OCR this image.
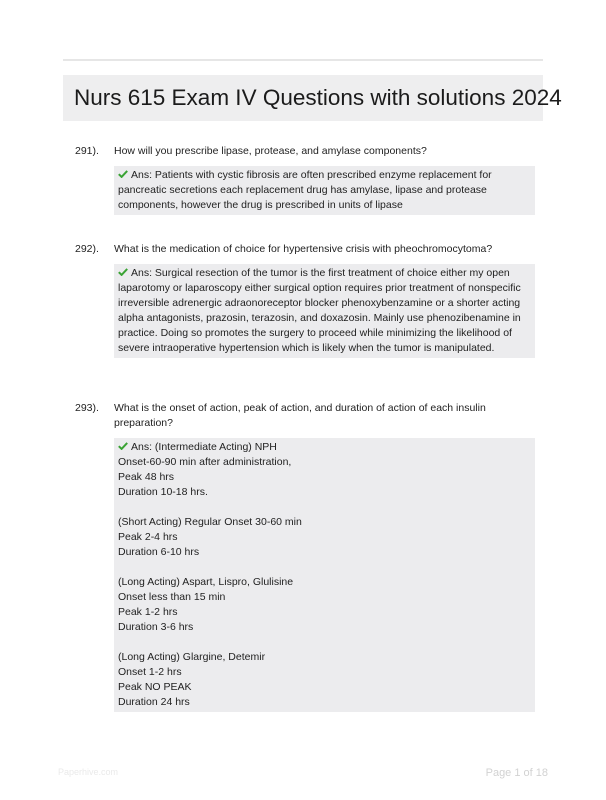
Nurs 615 Exam IV Questions with solutions 2024
291). How will you prescribe lipase, protease, and amylase components?

Ans: Patients with cystic fibrosis are often prescribed enzyme replacement for pancreatic secretions each replacement drug has amylase, lipase and protease components, however the drug is prescribed in units of lipase

292). What is the medication of choice for hypertensive crisis with pheochromocytoma?

Ans: Surgical resection of the tumor is the first treatment of choice either my open laparotomy or laparoscopy either surgical option requires prior treatment of nonspecific irreversible adrenergic adraonoreceptor blocker phenoxybenzamine or a shorter acting alpha antagonists, prazosin, terazosin, and doxazosin. Mainly use phenozibenamine in practice. Doing so promotes the surgery to proceed while minimizing the likelihood of severe intraoperative hypertension which is likely when the tumor is manipulated.

293). What is the onset of action, peak of action, and duration of action of each insulin preparation?

Ans: (Intermediate Acting) NPH

Onset-60-90 min after administration,

Peak 48 hrs

Duration 10-18 hrs.

(Short Acting) Regular Onset 30-60 min

Peak 2-4 hrs

Duration 6-10 hrs

(Long Acting) Aspart, Lispro, Glulisine

Onset less than 15 min

Peak 1-2 hrs

Duration 3-6 hrs

(Long Acting) Glargine, Detemir

Onset 1-2 hrs

Peak NO PEAK

Duration 24 hrs

Paperhive.com	Page 1 of 18
